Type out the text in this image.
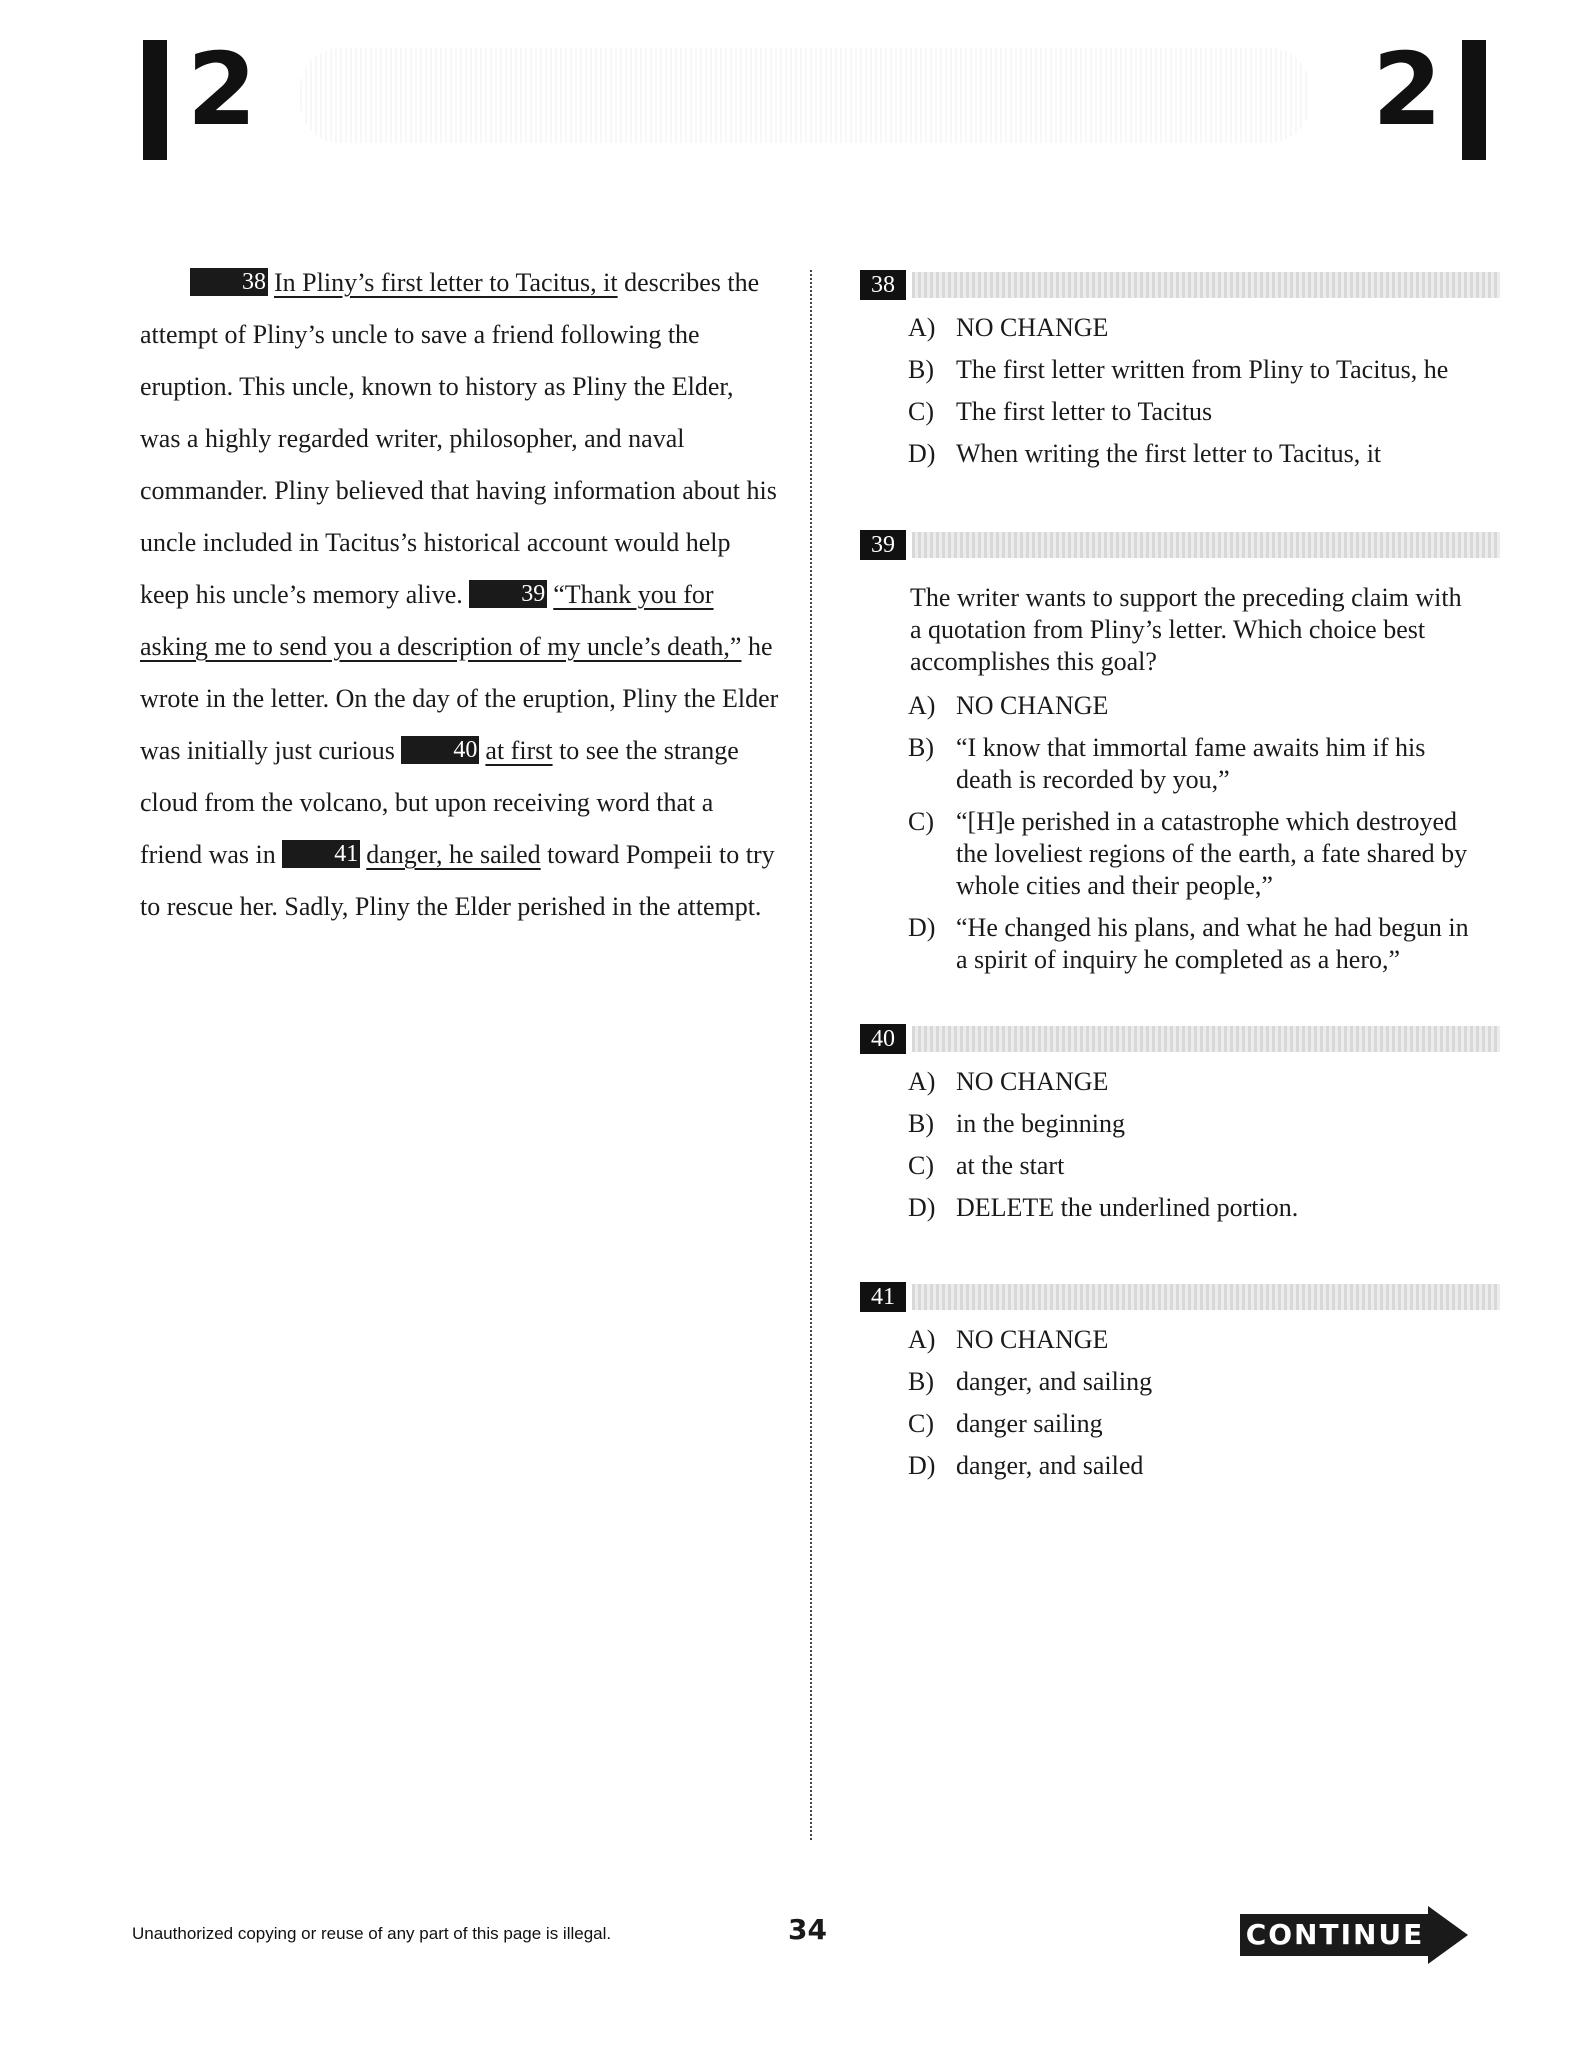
2	2

38 In Pliny’s first letter to Tacitus, it describes the attempt of Pliny’s uncle to save a friend following the eruption. This uncle, known to history as Pliny the Elder, was a highly regarded writer, philosopher, and naval commander. Pliny believed that having information about his uncle included in Tacitus’s historical account would help keep his uncle’s memory alive. 39 “Thank you for asking me to send you a description of my uncle’s death,” he wrote in the letter. On the day of the eruption, Pliny the Elder was initially just curious 40 at first to see the strange cloud from the volcano, but upon receiving word that a friend was in 41 danger, he sailed toward Pompeii to try to rescue her. Sadly, Pliny the Elder perished in the attempt.

38
A) NO CHANGE
B) The first letter written from Pliny to Tacitus, he
C) The first letter to Tacitus
D) When writing the first letter to Tacitus, it
39
The writer wants to support the preceding claim with a quotation from Pliny’s letter. Which choice best accomplishes this goal?
A) NO CHANGE
B) “I know that immortal fame awaits him if his death is recorded by you,”
C) “[H]e perished in a catastrophe which destroyed the loveliest regions of the earth, a fate shared by whole cities and their people,”
D) “He changed his plans, and what he had begun in a spirit of inquiry he completed as a hero,”
40
A) NO CHANGE
B) in the beginning
C) at the start
D) DELETE the underlined portion.
41
A) NO CHANGE
B) danger, and sailing
C) danger sailing
D) danger, and sailed
Unauthorized copying or reuse of any part of this page is illegal.	34	CONTINUE
